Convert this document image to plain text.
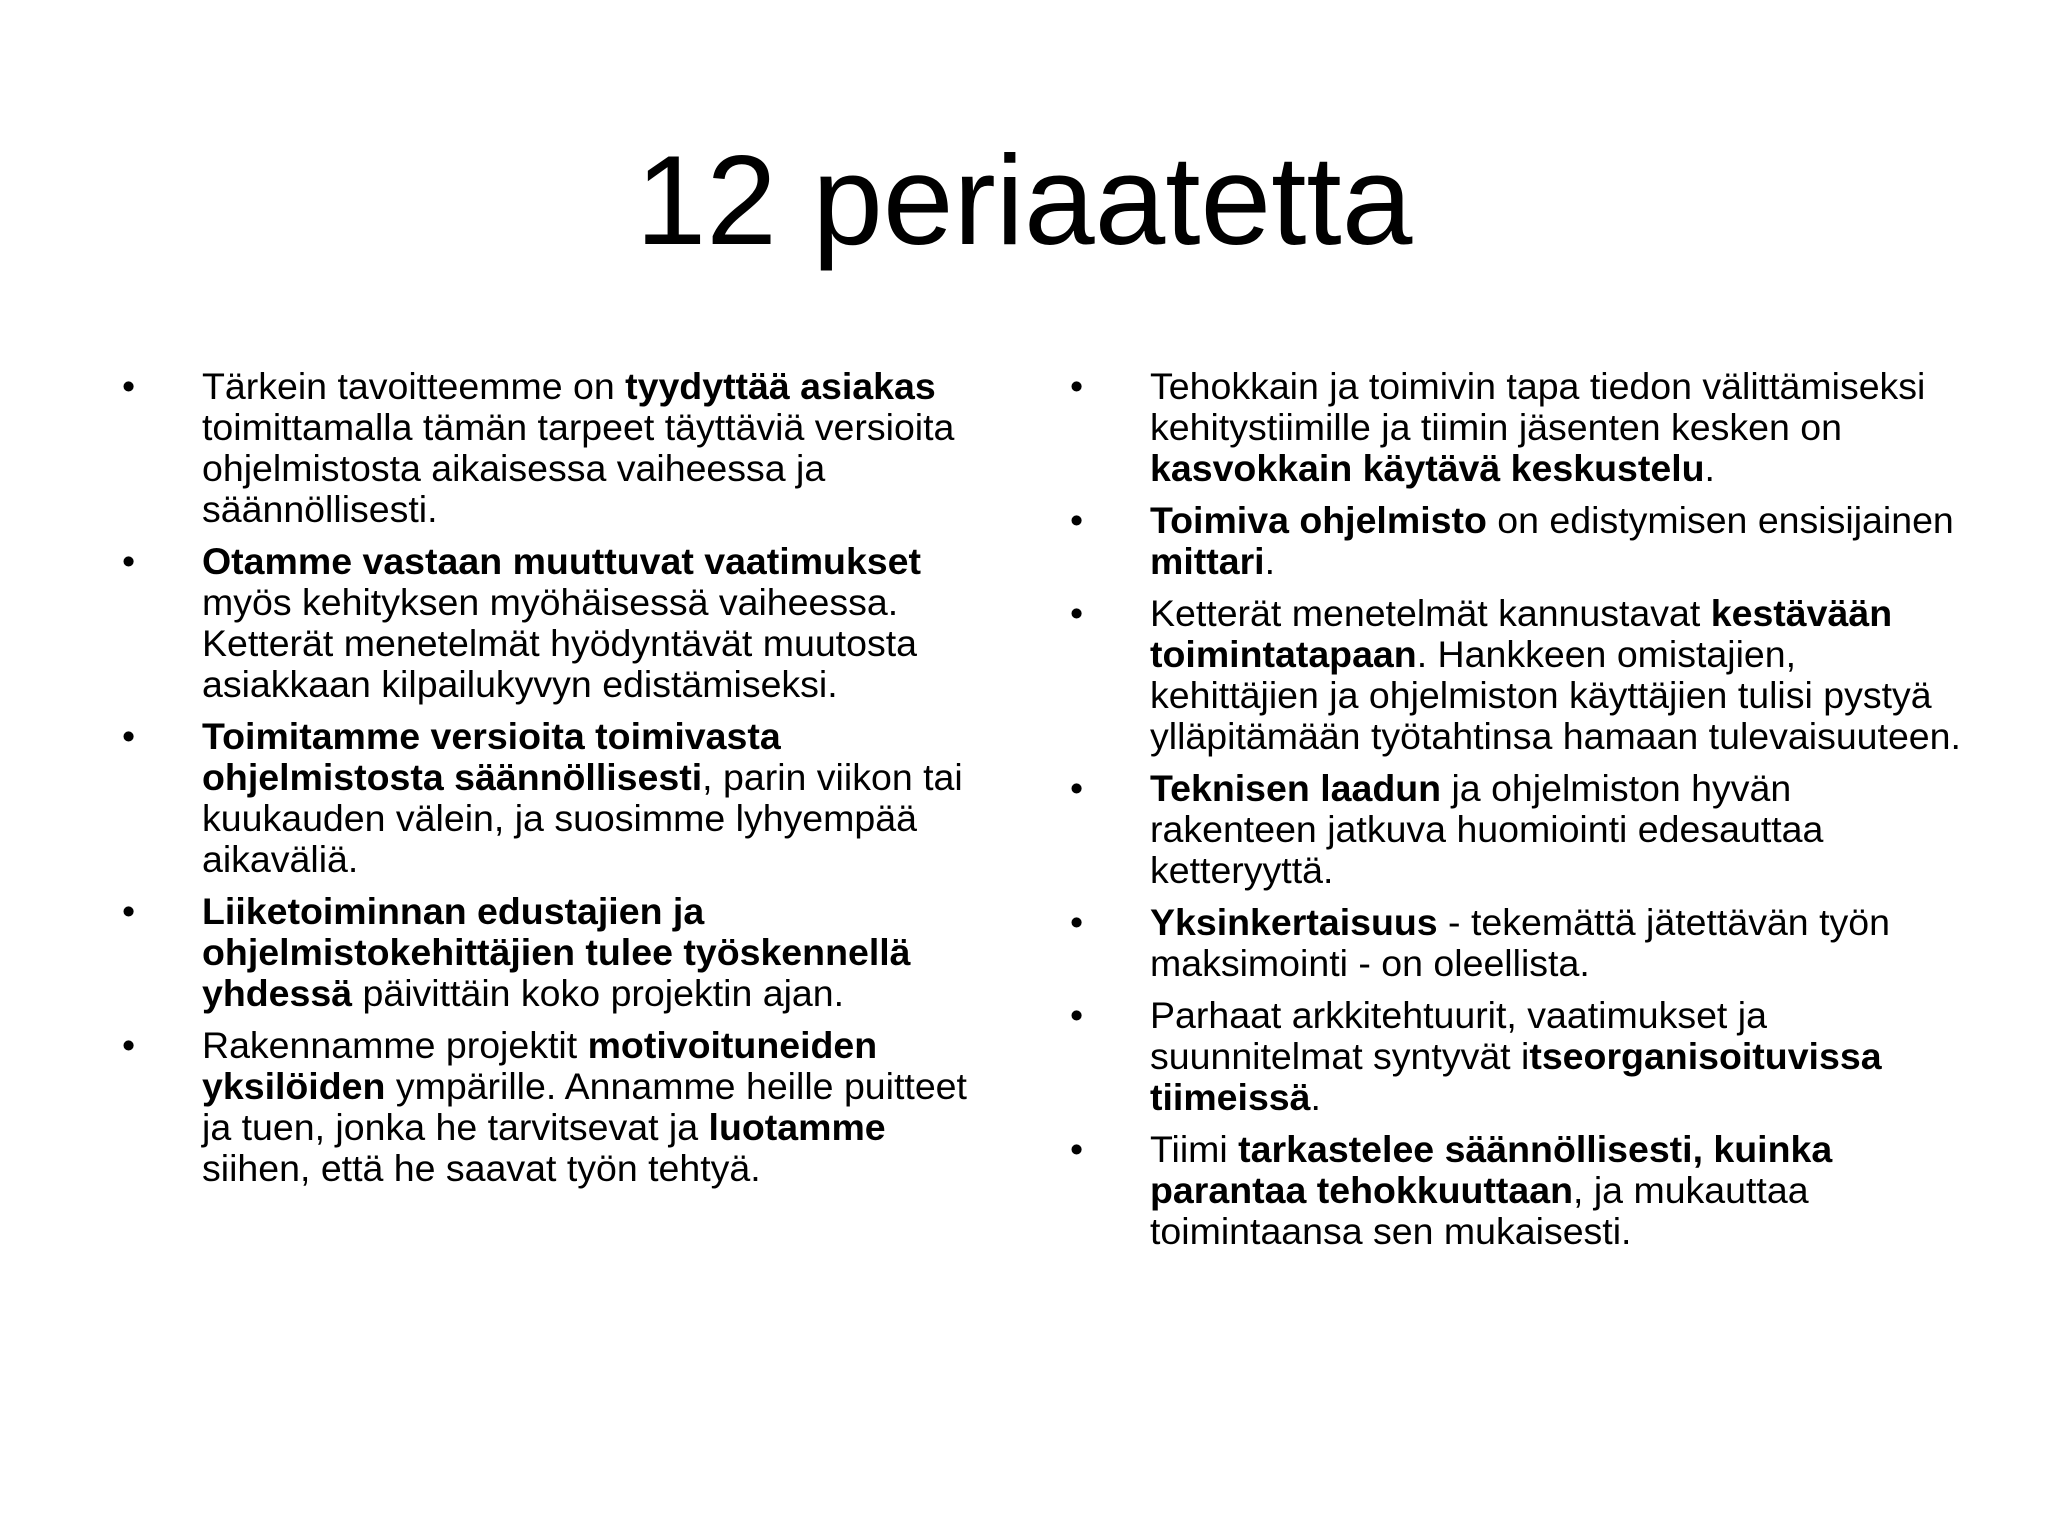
12 periaatetta
• Tärkein tavoitteemme on tyydyttää asiakas toimittamalla tämän tarpeet täyttäviä versioita ohjelmistosta aikaisessa vaiheessa ja säännöllisesti.
• Otamme vastaan muuttuvat vaatimukset myös kehityksen myöhäisessä vaiheessa. Ketterät menetelmät hyödyntävät muutosta asiakkaan kilpailukyvyn edistämiseksi.
• Toimitamme versioita toimivasta ohjelmistosta säännöllisesti, parin viikon tai kuukauden välein, ja suosimme lyhyempää aikaväliä.
• Liiketoiminnan edustajien ja ohjelmistokehittäjien tulee työskennellä yhdessä päivittäin koko projektin ajan.
• Rakennamme projektit motivoituneiden yksilöiden ympärille. Annamme heille puitteet ja tuen, jonka he tarvitsevat ja luotamme siihen, että he saavat työn tehtyä.
• Tehokkain ja toimivin tapa tiedon välittämiseksi kehitystiimille ja tiimin jäsenten kesken on kasvokkain käytävä keskustelu.
• Toimiva ohjelmisto on edistymisen ensisijainen mittari.
• Ketterät menetelmät kannustavat kestävään toimintatapaan. Hankkeen omistajien, kehittäjien ja ohjelmiston käyttäjien tulisi pystyä ylläpitämään työtahtinsa hamaan tulevaisuuteen.
• Teknisen laadun ja ohjelmiston hyvän rakenteen jatkuva huomiointi edesauttaa ketteryyttä.
• Yksinkertaisuus - tekemättä jätettävän työn maksimointi - on oleellista.
• Parhaat arkkitehtuurit, vaatimukset ja suunnitelmat syntyvät itseorganisoituvissa tiimeissä.
• Tiimi tarkastelee säännöllisesti, kuinka parantaa tehokkuuttaan, ja mukauttaa toimintaansa sen mukaisesti.
